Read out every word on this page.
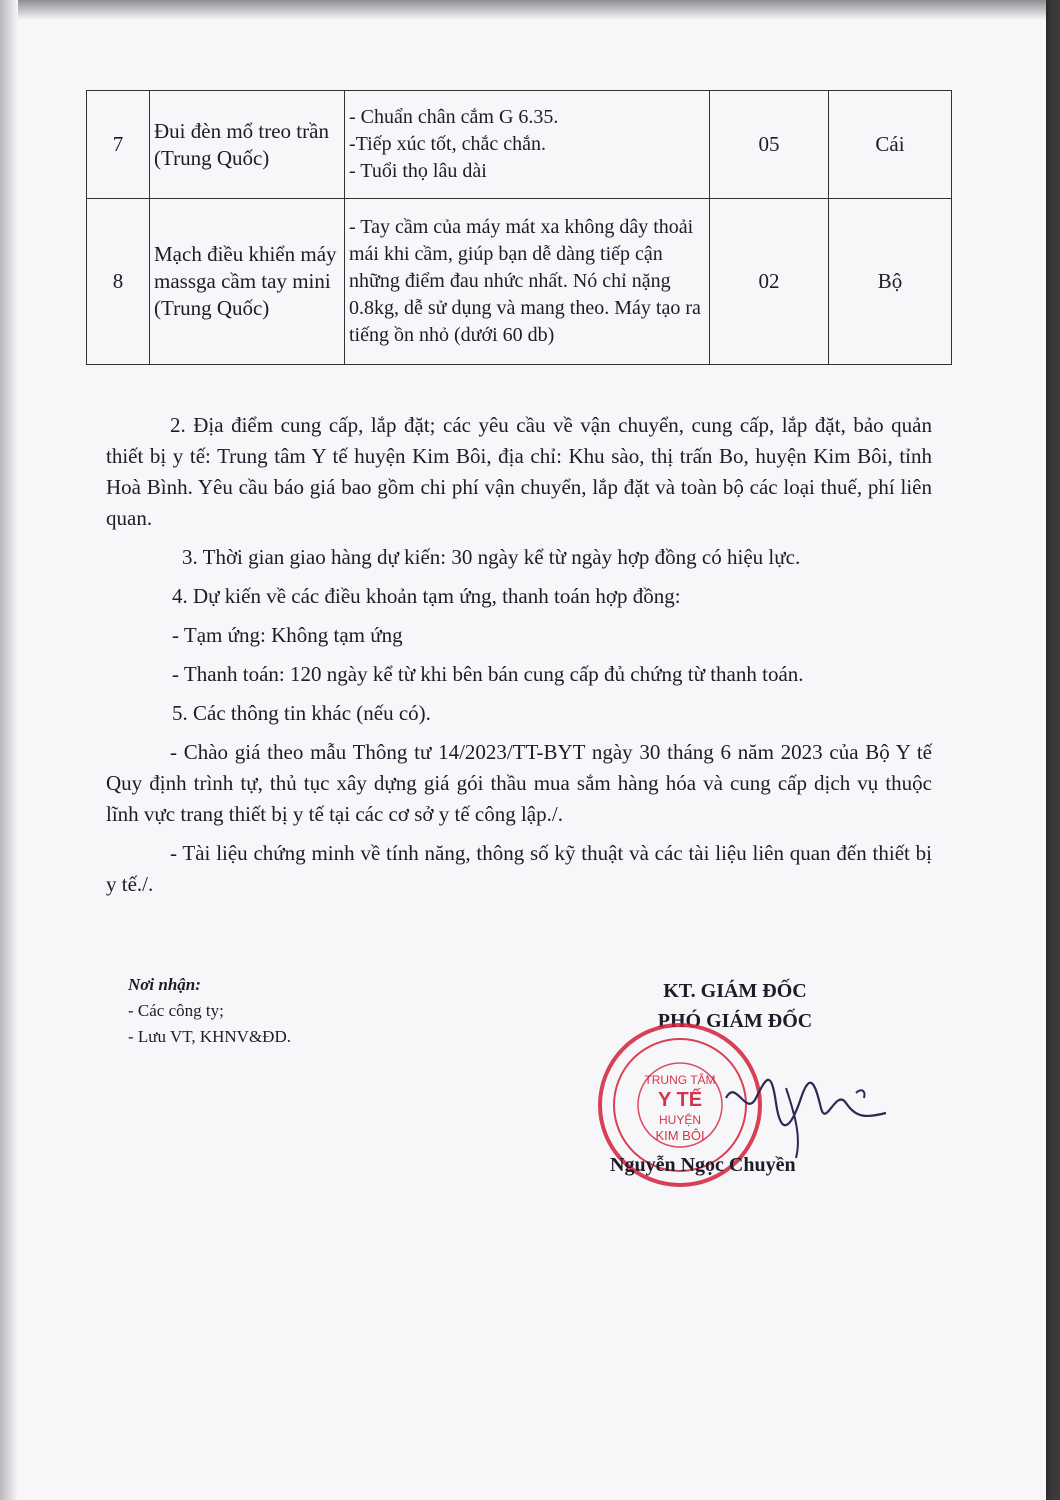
7	Đui đèn mổ treo trần (Trung Quốc)	- Chuẩn chân cắm G 6.35.
-Tiếp xúc tốt, chắc chắn.
- Tuổi thọ lâu dài	05	Cái
8	Mạch điều khiển máy massga cầm tay mini (Trung Quốc)	- Tay cầm của máy mát xa không dây thoải mái khi cầm, giúp bạn dễ dàng tiếp cận những điểm đau nhức nhất. Nó chỉ nặng 0.8kg, dễ sử dụng và mang theo. Máy tạo ra tiếng ồn nhỏ (dưới 60 db)	02	Bộ

2. Địa điểm cung cấp, lắp đặt; các yêu cầu về vận chuyển, cung cấp, lắp đặt, bảo quản thiết bị y tế: Trung tâm Y tế huyện Kim Bôi, địa chỉ: Khu sào, thị trấn Bo, huyện Kim Bôi, tỉnh Hoà Bình. Yêu cầu báo giá bao gồm chi phí vận chuyển, lắp đặt và toàn bộ các loại thuế, phí liên quan.

3. Thời gian giao hàng dự kiến: 30 ngày kể từ ngày hợp đồng có hiệu lực.

4. Dự kiến về các điều khoản tạm ứng, thanh toán hợp đồng:

- Tạm ứng: Không tạm ứng

- Thanh toán: 120 ngày kể từ khi bên bán cung cấp đủ chứng từ thanh toán.

5. Các thông tin khác (nếu có).

- Chào giá theo mẫu Thông tư 14/2023/TT-BYT ngày 30 tháng 6 năm 2023 của Bộ Y tế Quy định trình tự, thủ tục xây dựng giá gói thầu mua sắm hàng hóa và cung cấp dịch vụ thuộc lĩnh vực trang thiết bị y tế tại các cơ sở y tế công lập./.

- Tài liệu chứng minh về tính năng, thông số kỹ thuật và các tài liệu liên quan đến thiết bị y tế./.

Nơi nhận:
- Các công ty;
- Lưu VT, KHNV&ĐD.
KT. GIÁM ĐỐC
PHÓ GIÁM ĐỐC
TRUNG TÂM
Y TẾ
HUYỆN
KIM BÔI
Nguyễn Ngọc Chuyền
